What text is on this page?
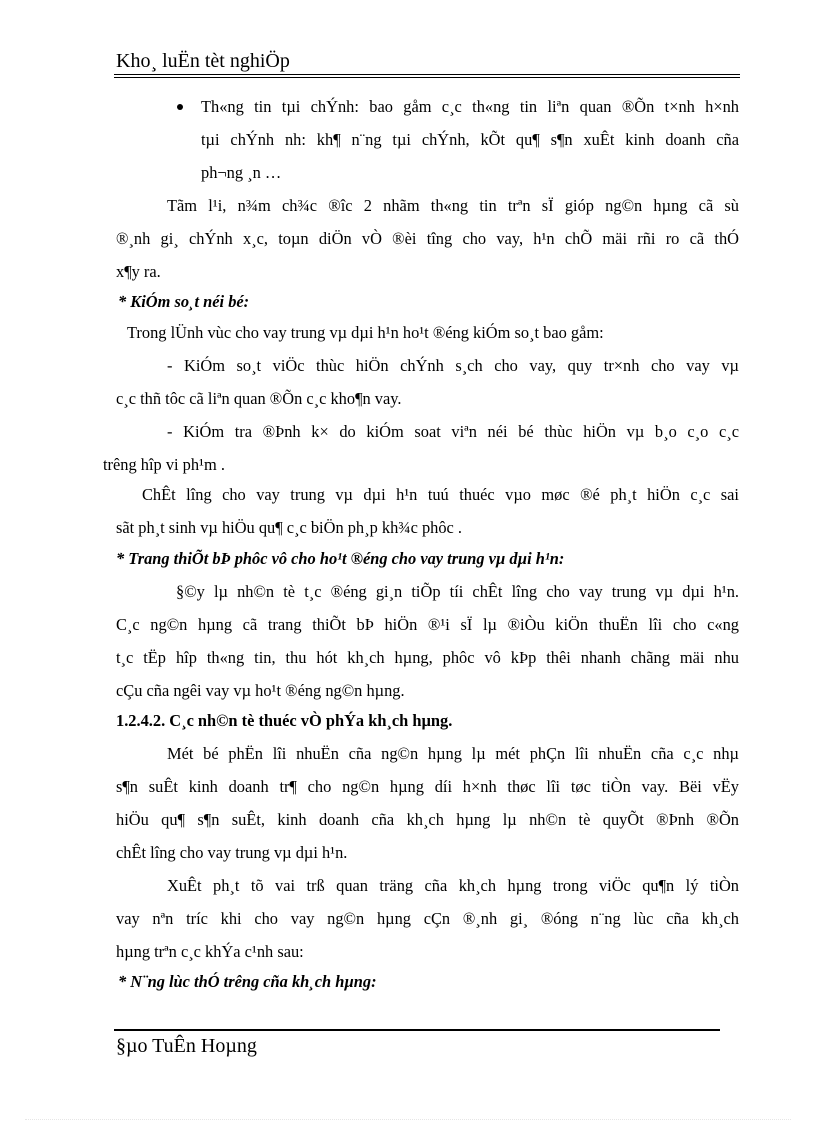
Kho¸ luËn tèt nghiÖp
Th«ng tin tµi chÝnh: bao gåm c¸c th«ng tin liªn quan ®Õn t×nh h×nh
tµi chÝnh nh: kh¶ n¨ng tµi chÝnh, kÕt qu¶ s¶n xuÊt kinh doanh cña
ph¬ng ¸n …
Tãm l¹i, n¾m ch¾c ®îc 2 nhãm th«ng tin trªn sÏ gióp ng©n hµng cã sù
®¸nh gi¸ chÝnh x¸c, toµn diÖn vÒ ®èi tîng cho vay, h¹n chÕ mäi rñi ro cã thÓ
x¶y ra.
* KiÓm so¸t néi bé:
Trong lÜnh vùc cho vay trung vµ dµi h¹n ho¹t ®éng kiÓm so¸t bao gåm:
- KiÓm so¸t viÖc thùc hiÖn chÝnh s¸ch cho vay, quy tr×nh cho vay vµ
c¸c thñ tôc cã liªn quan ®Õn c¸c kho¶n vay.
- KiÓm tra ®Þnh k× do kiÓm soat viªn néi bé thùc hiÖn vµ b¸o c¸o c¸c
trêng hîp vi ph¹m .
ChÊt lîng cho vay trung vµ dµi h¹n tuú thuéc vµo møc ®é ph¸t hiÖn c¸c sai
sãt ph¸t sinh vµ hiÖu qu¶ c¸c biÖn ph¸p kh¾c phôc .
* Trang thiÕt bÞ phôc vô cho ho¹t ®éng cho vay trung vµ dµi h¹n:
§©y lµ nh©n tè t¸c ®éng gi¸n tiÕp tíi chÊt lîng cho vay trung vµ dµi h¹n.
C¸c ng©n hµng cã trang thiÕt bÞ hiÖn ®¹i sÏ lµ ®iÒu kiÖn thuËn lîi cho c«ng
t¸c tËp hîp th«ng tin, thu hót kh¸ch hµng, phôc vô kÞp thêi nhanh chãng mäi nhu
cÇu cña ngêi vay vµ ho¹t ®éng ng©n hµng.
1.2.4.2. C¸c nh©n tè thuéc vÒ phÝa kh¸ch hµng.
Mét bé phËn lîi nhuËn cña ng©n hµng lµ mét phÇn lîi nhuËn cña c¸c nhµ
s¶n suÊt kinh doanh tr¶ cho ng©n hµng díi h×nh thøc lîi tøc tiÒn vay. Bëi vËy
hiÖu qu¶ s¶n suÊt, kinh doanh cña kh¸ch hµng lµ nh©n tè quyÕt ®Þnh ®Õn
chÊt lîng cho vay trung vµ dµi h¹n.
XuÊt ph¸t tõ vai trß quan träng cña kh¸ch hµng trong viÖc qu¶n lý tiÒn
vay nªn tríc khi cho vay ng©n hµng cÇn ®¸nh gi¸ ®óng n¨ng lùc cña kh¸ch
hµng trªn c¸c khÝa c¹nh sau:
* N¨ng lùc thÓ trêng cña kh¸ch hµng:
§µo TuÊn Hoµng
